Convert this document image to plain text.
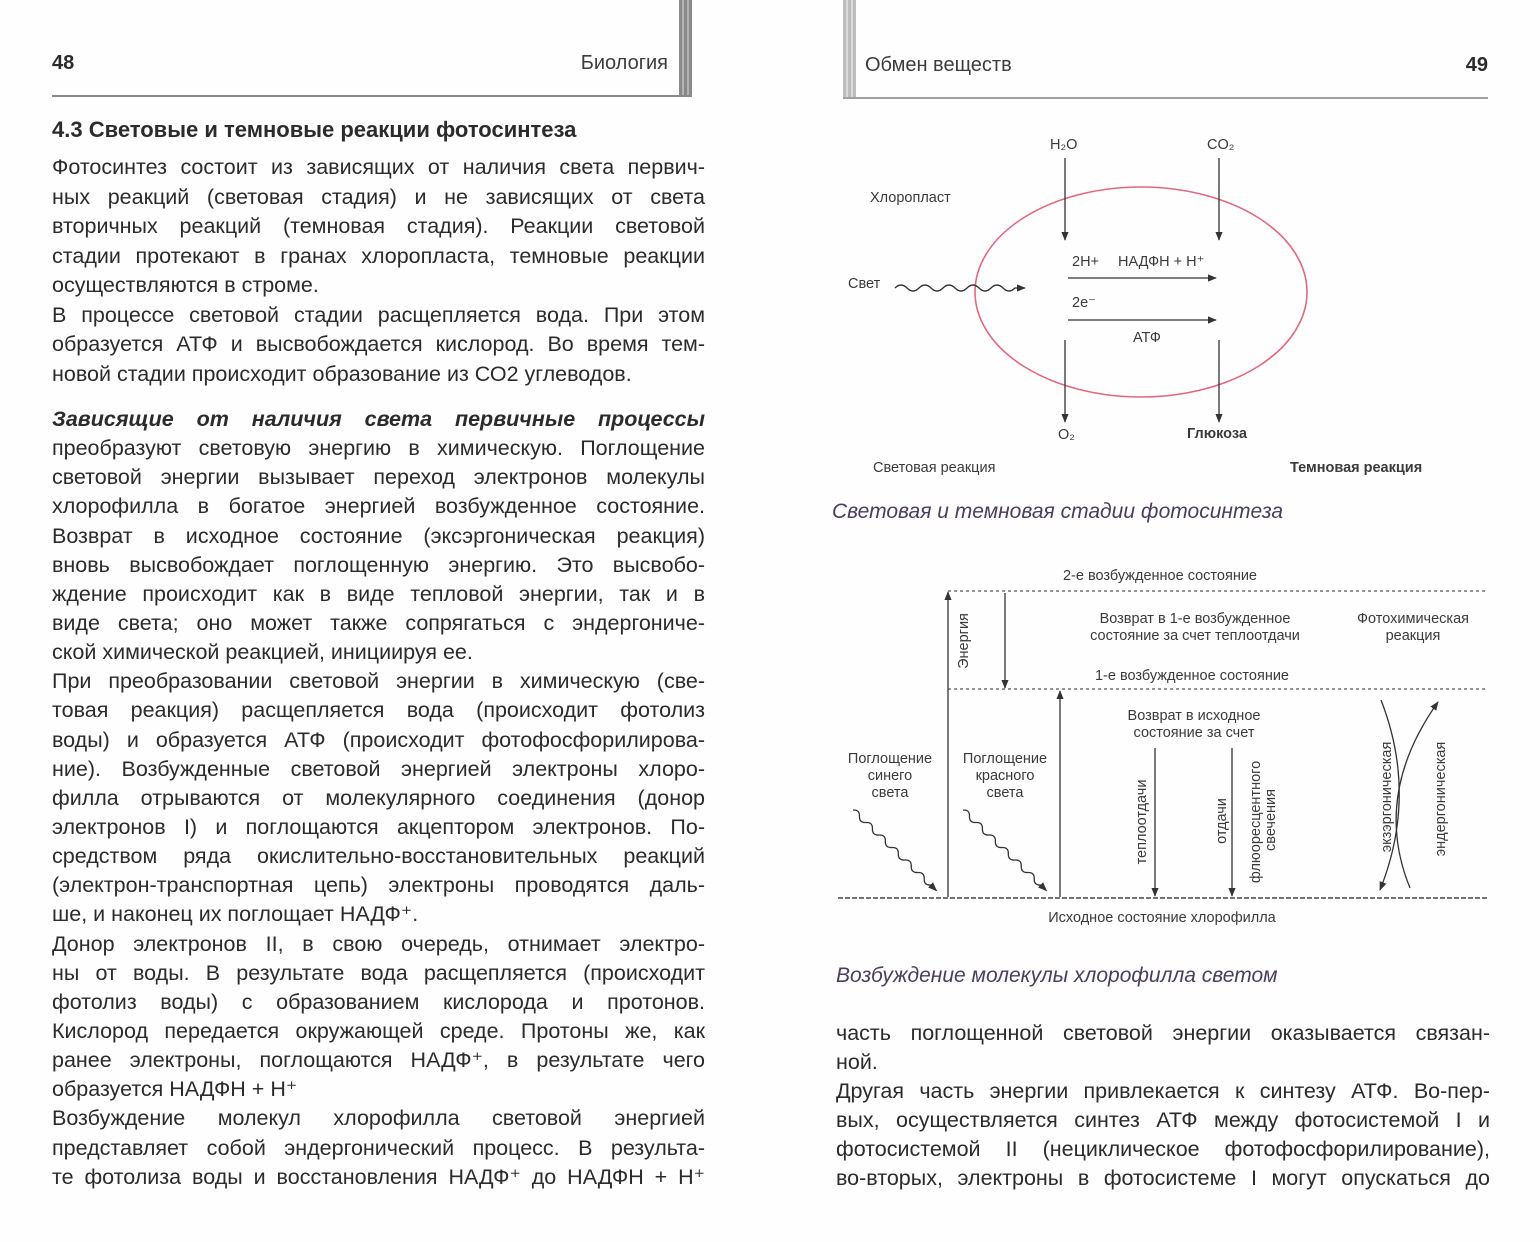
48	Биология
4.3 Световые и темновые реакции фотосинтеза
Фотосинтез состоит из зависящих от наличия света первич-
ных реакций (световая стадия) и не зависящих от света
вторичных реакций (темновая стадия). Реакции световой
стадии протекают в гранах хлоропласта, темновые реакции
осуществляются в строме.
В процессе световой стадии расщепляется вода. При этом
образуется АТФ и высвобождается кислород. Во время тем-
новой стадии происходит образование из СО2 углеводов.
Зависящие от наличия света первичные процессы
преобразуют световую энергию в химическую. Поглощение
световой энергии вызывает переход электронов молекулы
хлорофилла в богатое энергией возбужденное состояние.
Возврат в исходное состояние (эксэргоническая реакция)
вновь высвобождает поглощенную энергию. Это высвобо-
ждение происходит как в виде тепловой энергии, так и в
виде света; оно может также сопрягаться с эндергониче-
ской химической реакцией, инициируя ее.
При преобразовании световой энергии в химическую (све-
товая реакция) расщепляется вода (происходит фотолиз
воды) и образуется АТФ (происходит фотофосфорилирова-
ние). Возбужденные световой энергией электроны хлоро-
филла отрываются от молекулярного соединения (донор
электронов I) и поглощаются акцептором электронов. По-
средством ряда окислительно-восстановительных реакций
(электрон-транспортная цепь) электроны проводятся даль-
ше, и наконец их поглощает НАДФ⁺.
Донор электронов II, в свою очередь, отнимает электро-
ны от воды. В результате вода расщепляется (происходит
фотолиз воды) с образованием кислорода и протонов.
Кислород передается окружающей среде. Протоны же, как
ранее электроны, поглощаются НАДФ⁺, в результате чего
образуется НАДФН + Н⁺
Возбуждение молекул хлорофилла световой энергией
представляет собой эндергонический процесс. В результа-
те фотолиза воды и восстановления НАДФ⁺ до НАДФН + Н⁺
Обмен веществ	49
H₂O	CO₂
Хлоропласт
Свет
2Н+ НАДФН + Н⁺
2e⁻
АТФ
O₂	Глюкоза
Световая реакция	Темновая реакция
Световая и темновая стадии фотосинтеза
2-е возбужденное состояние
Энергия	Возврат в 1-е возбужденное
состояние за счет теплоотдачи
Фотохимическая
реакция
1-е возбужденное состояние
Возврат в исходное
состояние за счет
теплоотдачи	отдачи флюоресцентного свечения	экзэргоническая	эндергоническая
Поглощение
синего
света
Поглощение
красного
света
Исходное состояние хлорофилла
Возбуждение молекулы хлорофилла светом
часть поглощенной световой энергии оказывается связан-
ной.
Другая часть энергии привлекается к синтезу АТФ. Во-пер-
вых, осуществляется синтез АТФ между фотосистемой I и
фотосистемой II (нециклическое фотофосфорилирование),
во-вторых, электроны в фотосистеме I могут опускаться до
